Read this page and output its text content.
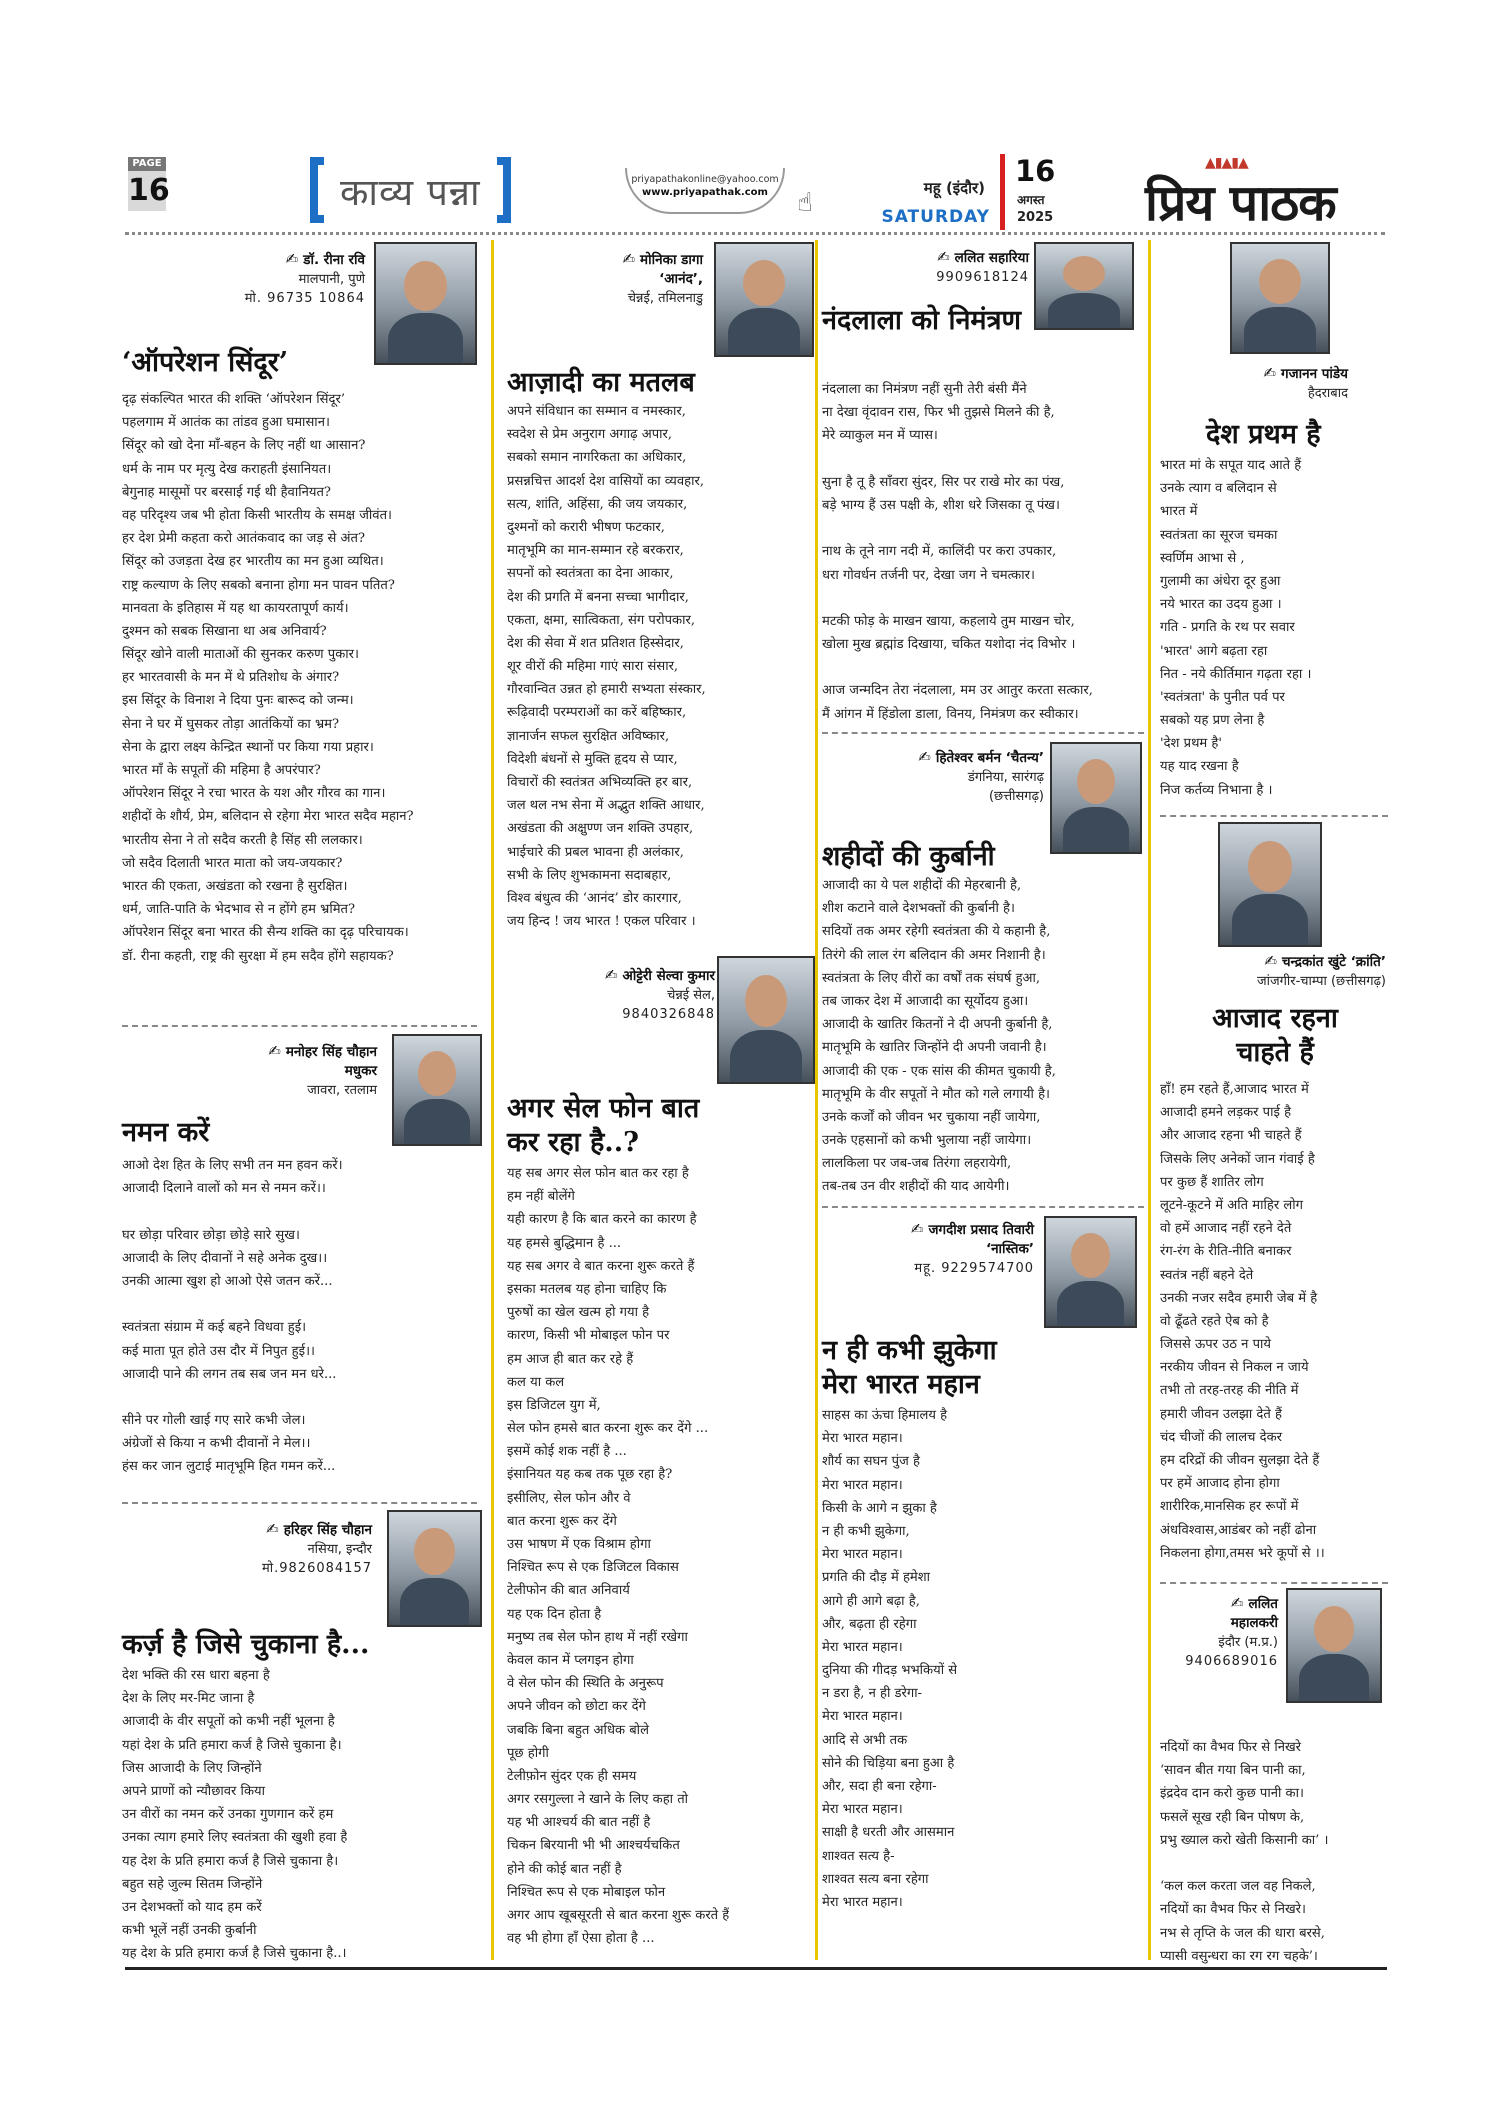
PAGE
16	काव्य पन्ना	priyapathakonline@yahoo.com
www.priyapathak.com	☝	महू (इंदौर)
SATURDAY
16
अगस्त
2025
▲▮▲▮▲
प्रिय पाठक
✍ डॉ. रीना रवि
मालपानी, पुणे
मो. 96735 10864
‘ऑपरेशन सिंदूर’
दृढ़ संकल्पित भारत की शक्ति ‘ऑपरेशन सिंदूर’
पहलगाम में आतंक का तांडव हुआ घमासान।
सिंदूर को खो देना माँ-बहन के लिए नहीं था आसान?
धर्म के नाम पर मृत्यु देख कराहती इंसानियत।
बेगुनाह मासूमों पर बरसाई गई थी हैवानियत?
वह परिदृश्य जब भी होता किसी भारतीय के समक्ष जीवंत।
हर देश प्रेमी कहता करो आतंकवाद का जड़ से अंत?
सिंदूर को उजड़ता देख हर भारतीय का मन हुआ व्यथित।
राष्ट्र कल्याण के लिए सबको बनाना होगा मन पावन पतित?
मानवता के इतिहास में यह था कायरतापूर्ण कार्य।
दुश्मन को सबक सिखाना था अब अनिवार्य?
सिंदूर खोने वाली माताओं की सुनकर करुण पुकार।
हर भारतवासी के मन में थे प्रतिशोध के अंगार?
इस सिंदूर के विनाश ने दिया पुनः बारूद को जन्म।
सेना ने घर में घुसकर तोड़ा आतंकियों का भ्रम?
सेना के द्वारा लक्ष्य केन्द्रित स्थानों पर किया गया प्रहार।
भारत माँ के सपूतों की महिमा है अपरंपार?
ऑपरेशन सिंदूर ने रचा भारत के यश और गौरव का गान।
शहीदों के शौर्य, प्रेम, बलिदान से रहेगा मेरा भारत सदैव महान?
भारतीय सेना ने तो सदैव करती है सिंह सी ललकार।
जो सदैव दिलाती भारत माता को जय-जयकार?
भारत की एकता, अखंडता को रखना है सुरक्षित।
धर्म, जाति-पाति के भेदभाव से न होंगे हम भ्रमित?
ऑपरेशन सिंदूर बना भारत की सैन्य शक्ति का दृढ़ परिचायक।
डॉ. रीना कहती, राष्ट्र की सुरक्षा में हम सदैव होंगे सहायक?
✍ मनोहर सिंह चौहान
मधुकर
जावरा, रतलाम
नमन करें
आओ देश हित के लिए सभी तन मन हवन करें।
आजादी दिलाने वालों को मन से नमन करें।।
घर छोड़ा परिवार छोड़ा छोड़े सारे सुख।
आजादी के लिए दीवानों ने सहे अनेक दुख।।
उनकी आत्मा खुश हो आओ ऐसे जतन करें...
स्वतंत्रता संग्राम में कई बहने विधवा हुई।
कई माता पूत होते उस दौर में निपुत हुई।।
आजादी पाने की लगन तब सब जन मन धरे...
सीने पर गोली खाई गए सारे कभी जेल।
अंग्रेजों से किया न कभी दीवानों ने मेल।।
हंस कर जान लुटाई मातृभूमि हित गमन करें...
✍ हरिहर सिंह चौहान
नसिया, इन्दौर
मो.9826084157
कर्ज़ है जिसे चुकाना है...
देश भक्ति की रस धारा बहना है
देश के लिए मर-मिट जाना है
आजादी के वीर सपूतों को कभी नहीं भूलना है
यहां देश के प्रति हमारा कर्ज है जिसे चुकाना है।
जिस आजादी के लिए जिन्होंने
अपने प्राणों को न्यौछावर किया
उन वीरों का नमन करें उनका गुणगान करें हम
उनका त्याग हमारे लिए स्वतंत्रता की खुशी हवा है
यह देश के प्रति हमारा कर्ज है जिसे चुकाना है।
बहुत सहे जुल्म सितम जिन्होंने
उन देशभक्तों को याद हम करें
कभी भूलें नहीं उनकी कुर्बानी
यह देश के प्रति हमारा कर्ज है जिसे चुकाना है..।
✍ मोनिका डागा
‘आनंद’,
चेन्नई, तमिलनाडु
आज़ादी का मतलब
अपने संविधान का सम्मान व नमस्कार,
स्वदेश से प्रेम अनुराग अगाढ़ अपार,
सबको समान नागरिकता का अधिकार,
प्रसन्नचित्त आदर्श देश वासियों का व्यवहार,
सत्य, शांति, अहिंसा, की जय जयकार,
दुश्मनों को करारी भीषण फटकार,
मातृभूमि का मान-सम्मान रहे बरकरार,
सपनों को स्वतंत्रता का देना आकार,
देश की प्रगति में बनना सच्चा भागीदार,
एकता, क्षमा, सात्विकता, संग परोपकार,
देश की सेवा में शत प्रतिशत हिस्सेदार,
शूर वीरों की महिमा गाएं सारा संसार,
गौरवान्वित उन्नत हो हमारी सभ्यता संस्कार,
रूढ़िवादी परम्पराओं का करें बहिष्कार,
ज्ञानार्जन सफल सुरक्षित अविष्कार,
विदेशी बंधनों से मुक्ति हृदय से प्यार,
विचारों की स्वतंत्रत अभिव्यक्ति हर बार,
जल थल नभ सेना में अद्भुत शक्ति आधार,
अखंडता की अक्षुण्ण जन शक्ति उपहार,
भाईचारे की प्रबल भावना ही अलंकार,
सभी के लिए शुभकामना सदाबहार,
विश्व बंधुत्व की ‘आनंद’ डोर कारगार,
जय हिन्द ! जय भारत ! एकल परिवार ।
✍ ओट्टेरी सेल्वा कुमार
चेन्नई सेल,
9840326848
अगर सेल फोन बात कर रहा है..?
यह सब अगर सेल फोन बात कर रहा है
हम नहीं बोलेंगे
यही कारण है कि बात करने का कारण है
यह हमसे बुद्धिमान है ...
यह सब अगर वे बात करना शुरू करते हैं
इसका मतलब यह होना चाहिए कि
पुरुषों का खेल खत्म हो गया है
कारण, किसी भी मोबाइल फोन पर
हम आज ही बात कर रहे हैं
कल या कल
इस डिजिटल युग में,
सेल फोन हमसे बात करना शुरू कर देंगे ...
इसमें कोई शक नहीं है ...
इंसानियत यह कब तक पूछ रहा है?
इसीलिए, सेल फोन और वे
बात करना शुरू कर देंगे
उस भाषण में एक विश्राम होगा
निश्चित रूप से एक डिजिटल विकास
टेलीफोन की बात अनिवार्य
यह एक दिन होता है
मनुष्य तब सेल फोन हाथ में नहीं रखेगा
केवल कान में प्लगइन होगा
वे सेल फोन की स्थिति के अनुरूप
अपने जीवन को छोटा कर देंगे
जबकि बिना बहुत अधिक बोले
पूछ होगी
टेलीफ़ोन सुंदर एक ही समय
अगर रसगुल्ला ने खाने के लिए कहा तो
यह भी आश्चर्य की बात नहीं है
चिकन बिरयानी भी भी आश्चर्यचकित
होने की कोई बात नहीं है
निश्चित रूप से एक मोबाइल फोन
अगर आप खूबसूरती से बात करना शुरू करते हैं
वह भी होगा हाँ ऐसा होता है ...
✍ ललित सहारिया
9909618124
नंदलाला को निमंत्रण
नंदलाला का निमंत्रण नहीं सुनी तेरी बंसी मैंने
ना देखा वृंदावन रास, फिर भी तुझसे मिलने की है,
मेरे व्याकुल मन में प्यास।
सुना है तू है साँवरा सुंदर, सिर पर राखे मोर का पंख,
बड़े भाग्य हैं उस पक्षी के, शीश धरे जिसका तू पंख।
नाथ के तूने नाग नदी में, कालिंदी पर करा उपकार,
धरा गोवर्धन तर्जनी पर, देखा जग ने चमत्कार।
मटकी फोड़ के माखन खाया, कहलाये तुम माखन चोर,
खोला मुख ब्रह्मांड दिखाया, चकित यशोदा नंद विभोर ।
आज जन्मदिन तेरा नंदलाला, मम उर आतुर करता सत्कार,
मैं आंगन में हिंडोला डाला, विनय, निमंत्रण कर स्वीकार।
✍ हितेश्वर बर्मन ‘चैतन्य’
डंगनिया, सारंगढ़
(छत्तीसगढ़)
शहीदों की कुर्बानी
आजादी का ये पल शहीदों की मेहरबानी है,
शीश कटाने वाले देशभक्तों की कुर्बानी है।
सदियों तक अमर रहेगी स्वतंत्रता की ये कहानी है,
तिरंगे की लाल रंग बलिदान की अमर निशानी है।
स्वतंत्रता के लिए वीरों का वर्षों तक संघर्ष हुआ,
तब जाकर देश में आजादी का सूर्योदय हुआ।
आजादी के खातिर कितनों ने दी अपनी कुर्बानी है,
मातृभूमि के खातिर जिन्होंने दी अपनी जवानी है।
आजादी की एक - एक सांस की कीमत चुकायी है,
मातृभूमि के वीर सपूतों ने मौत को गले लगायी है।
उनके कर्जों को जीवन भर चुकाया नहीं जायेगा,
उनके एहसानों को कभी भुलाया नहीं जायेगा।
लालकिला पर जब-जब तिरंगा लहरायेगी,
तब-तब उन वीर शहीदों की याद आयेगी।
✍ जगदीश प्रसाद तिवारी
‘नास्तिक’
महू. 9229574700
न ही कभी झुकेगा मेरा भारत महान
साहस का ऊंचा हिमालय है
मेरा भारत महान।
शौर्य का सघन पुंज है
मेरा भारत महान।
किसी के आगे न झुका है
न ही कभी झुकेगा,
मेरा भारत महान।
प्रगति की दौड़ में हमेशा
आगे ही आगे बढ़ा है,
और, बढ़ता ही रहेगा
मेरा भारत महान।
दुनिया की गीदड़ भभकियों से
न डरा है, न ही डरेगा-
मेरा भारत महान।
आदि से अभी तक
सोने की चिड़िया बना हुआ है
और, सदा ही बना रहेगा-
मेरा भारत महान।
साक्षी है धरती और आसमान
शाश्वत सत्य है-
शाश्वत सत्य बना रहेगा
मेरा भारत महान।
✍ गजानन पांडेय
हैदराबाद
देश प्रथम है
भारत मां के सपूत याद आते हैं
उनके त्याग व बलिदान से
भारत में
स्वतंत्रता का सूरज चमका
स्वर्णिम आभा से ,
गुलामी का अंधेरा दूर हुआ
नये भारत का उदय हुआ ।
गति - प्रगति के रथ पर सवार
'भारत' आगे बढ़ता रहा
नित - नये कीर्तिमान गढ़ता रहा ।
'स्वतंत्रता' के पुनीत पर्व पर
सबको यह प्रण लेना है
'देश प्रथम है'
यह याद रखना है
निज कर्तव्य निभाना है ।
✍ चन्द्रकांत खुंटे ‘क्रांति’
जांजगीर-चाम्पा (छत्तीसगढ़)
आजाद रहना चाहते हैं
हाँ! हम रहते हैं,आजाद भारत में
आजादी हमने लड़कर पाई है
और आजाद रहना भी चाहते हैं
जिसके लिए अनेकों जान गंवाई है
पर कुछ हैं शातिर लोग
लूटने-कूटने में अति माहिर लोग
वो हमें आजाद नहीं रहने देते
रंग-रंग के रीति-नीति बनाकर
स्वतंत्र नहीं बहने देते
उनकी नजर सदैव हमारी जेब में है
वो ढूँढते रहते ऐब को है
जिससे ऊपर उठ न पाये
नरकीय जीवन से निकल न जाये
तभी तो तरह-तरह की नीति में
हमारी जीवन उलझा देते हैं
चंद चीजों की लालच देकर
हम दरिद्रों की जीवन सुलझा देते हैं
पर हमें आजाद होना होगा
शारीरिक,मानसिक हर रूपों में
अंधविश्वास,आडंबर को नहीं ढोना
निकलना होगा,तमस भरे कूपों से ।।
✍ ललित
महालकरी
इंदौर (म.प्र.)
9406689016
नदियों का वैभव फिर से निखरे
‘सावन बीत गया बिन पानी का,
इंद्रदेव दान करो कुछ पानी का।
फसलें सूख रही बिन पोषण के,
प्रभु ख्याल करो खेती किसानी का’ ।
‘कल कल करता जल वह निकले,
नदियों का वैभव फिर से निखरे।
नभ से तृप्ति के जल की धारा बरसे,
प्यासी वसुन्धरा का रग रग चहके’।
